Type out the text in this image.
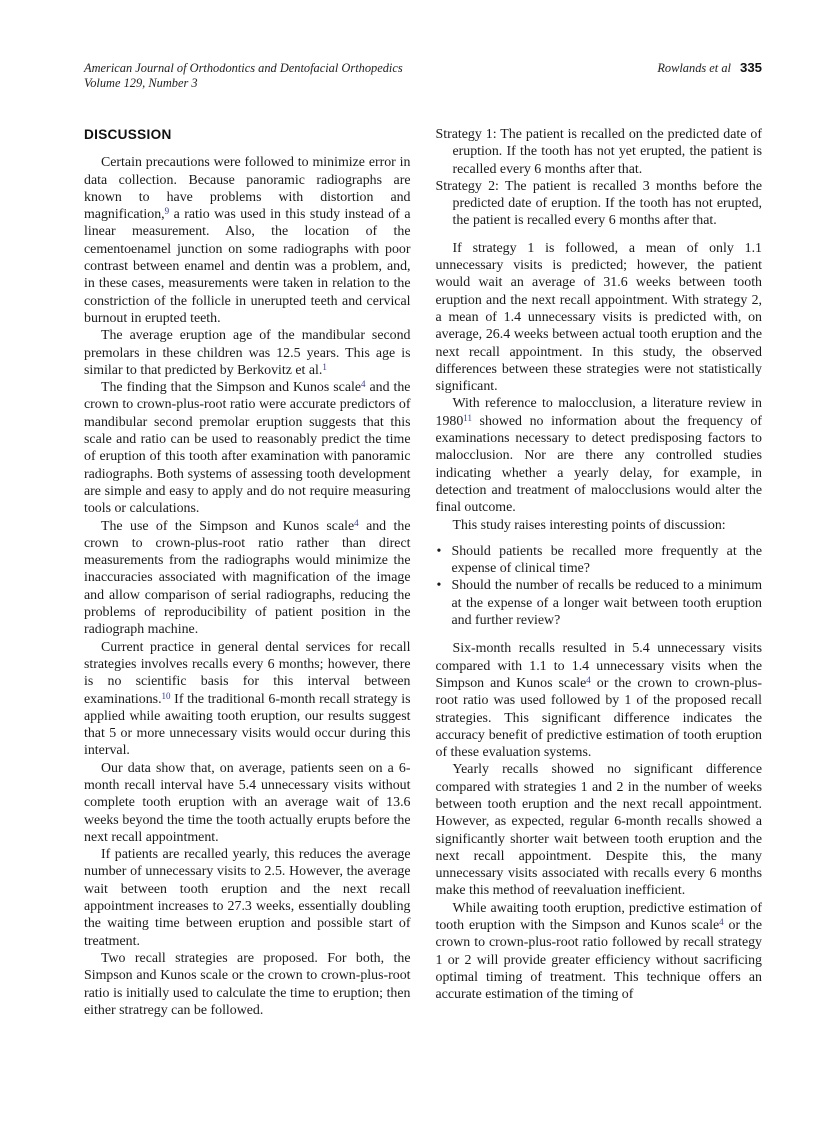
American Journal of Orthodontics and Dentofacial Orthopedics
Volume 129, Number 3
Rowlands et al 335
DISCUSSION

Certain precautions were followed to minimize error in data collection. Because panoramic radiographs are known to have problems with distortion and magnification,$^9$ a ratio was used in this study instead of a linear measurement. Also, the location of the cementoenamel junction on some radiographs with poor contrast between enamel and dentin was a problem, and, in these cases, measurements were taken in relation to the constriction of the follicle in unerupted teeth and cervical burnout in erupted teeth.

The average eruption age of the mandibular second premolars in these children was 12.5 years. This age is similar to that predicted by Berkovitz et al.$^1$

The finding that the Simpson and Kunos scale$^4$ and the crown to crown-plus-root ratio were accurate predictors of mandibular second premolar eruption suggests that this scale and ratio can be used to reasonably predict the time of eruption of this tooth after examination with panoramic radiographs. Both systems of assessing tooth development are simple and easy to apply and do not require measuring tools or calculations.

The use of the Simpson and Kunos scale$^4$ and the crown to crown-plus-root ratio rather than direct measurements from the radiographs would minimize the inaccuracies associated with magnification of the image and allow comparison of serial radiographs, reducing the problems of reproducibility of patient position in the radiograph machine.

Current practice in general dental services for recall strategies involves recalls every 6 months; however, there is no scientific basis for this interval between examinations.$^{10}$ If the traditional 6-month recall strategy is applied while awaiting tooth eruption, our results suggest that 5 or more unnecessary visits would occur during this interval.

Our data show that, on average, patients seen on a 6-month recall interval have 5.4 unnecessary visits without complete tooth eruption with an average wait of 13.6 weeks beyond the time the tooth actually erupts before the next recall appointment.

If patients are recalled yearly, this reduces the average number of unnecessary visits to 2.5. However, the average wait between tooth eruption and the next recall appointment increases to 27.3 weeks, essentially doubling the waiting time between eruption and possible start of treatment.

Two recall strategies are proposed. For both, the Simpson and Kunos scale or the crown to crown-plus-root ratio is initially used to calculate the time to eruption; then either stratregy can be followed.

Strategy 1: The patient is recalled on the predicted date of eruption. If the tooth has not yet erupted, the patient is recalled every 6 months after that.

Strategy 2: The patient is recalled 3 months before the predicted date of eruption. If the tooth has not erupted, the patient is recalled every 6 months after that.

If strategy 1 is followed, a mean of only 1.1 unnecessary visits is predicted; however, the patient would wait an average of 31.6 weeks between tooth eruption and the next recall appointment. With strategy 2, a mean of 1.4 unnecessary visits is predicted with, on average, 26.4 weeks between actual tooth eruption and the next recall appointment. In this study, the observed differences between these strategies were not statistically significant.

With reference to malocclusion, a literature review in 1980$^{11}$ showed no information about the frequency of examinations necessary to detect predisposing factors to malocclusion. Nor are there any controlled studies indicating whether a yearly delay, for example, in detection and treatment of malocclusions would alter the final outcome.

This study raises interesting points of discussion:

• Should patients be recalled more frequently at the expense of clinical time?

• Should the number of recalls be reduced to a minimum at the expense of a longer wait between tooth eruption and further review?

Six-month recalls resulted in 5.4 unnecessary visits compared with 1.1 to 1.4 unnecessary visits when the Simpson and Kunos scale$^4$ or the crown to crown-plus-root ratio was used followed by 1 of the proposed recall strategies. This significant difference indicates the accuracy benefit of predictive estimation of tooth eruption of these evaluation systems.

Yearly recalls showed no significant difference compared with strategies 1 and 2 in the number of weeks between tooth eruption and the next recall appointment. However, as expected, regular 6-month recalls showed a significantly shorter wait between tooth eruption and the next recall appointment. Despite this, the many unnecessary visits associated with recalls every 6 months make this method of reevaluation inefficient.

While awaiting tooth eruption, predictive estimation of tooth eruption with the Simpson and Kunos scale$^4$ or the crown to crown-plus-root ratio followed by recall strategy 1 or 2 will provide greater efficiency without sacrificing optimal timing of treatment. This technique offers an accurate estimation of the timing of
